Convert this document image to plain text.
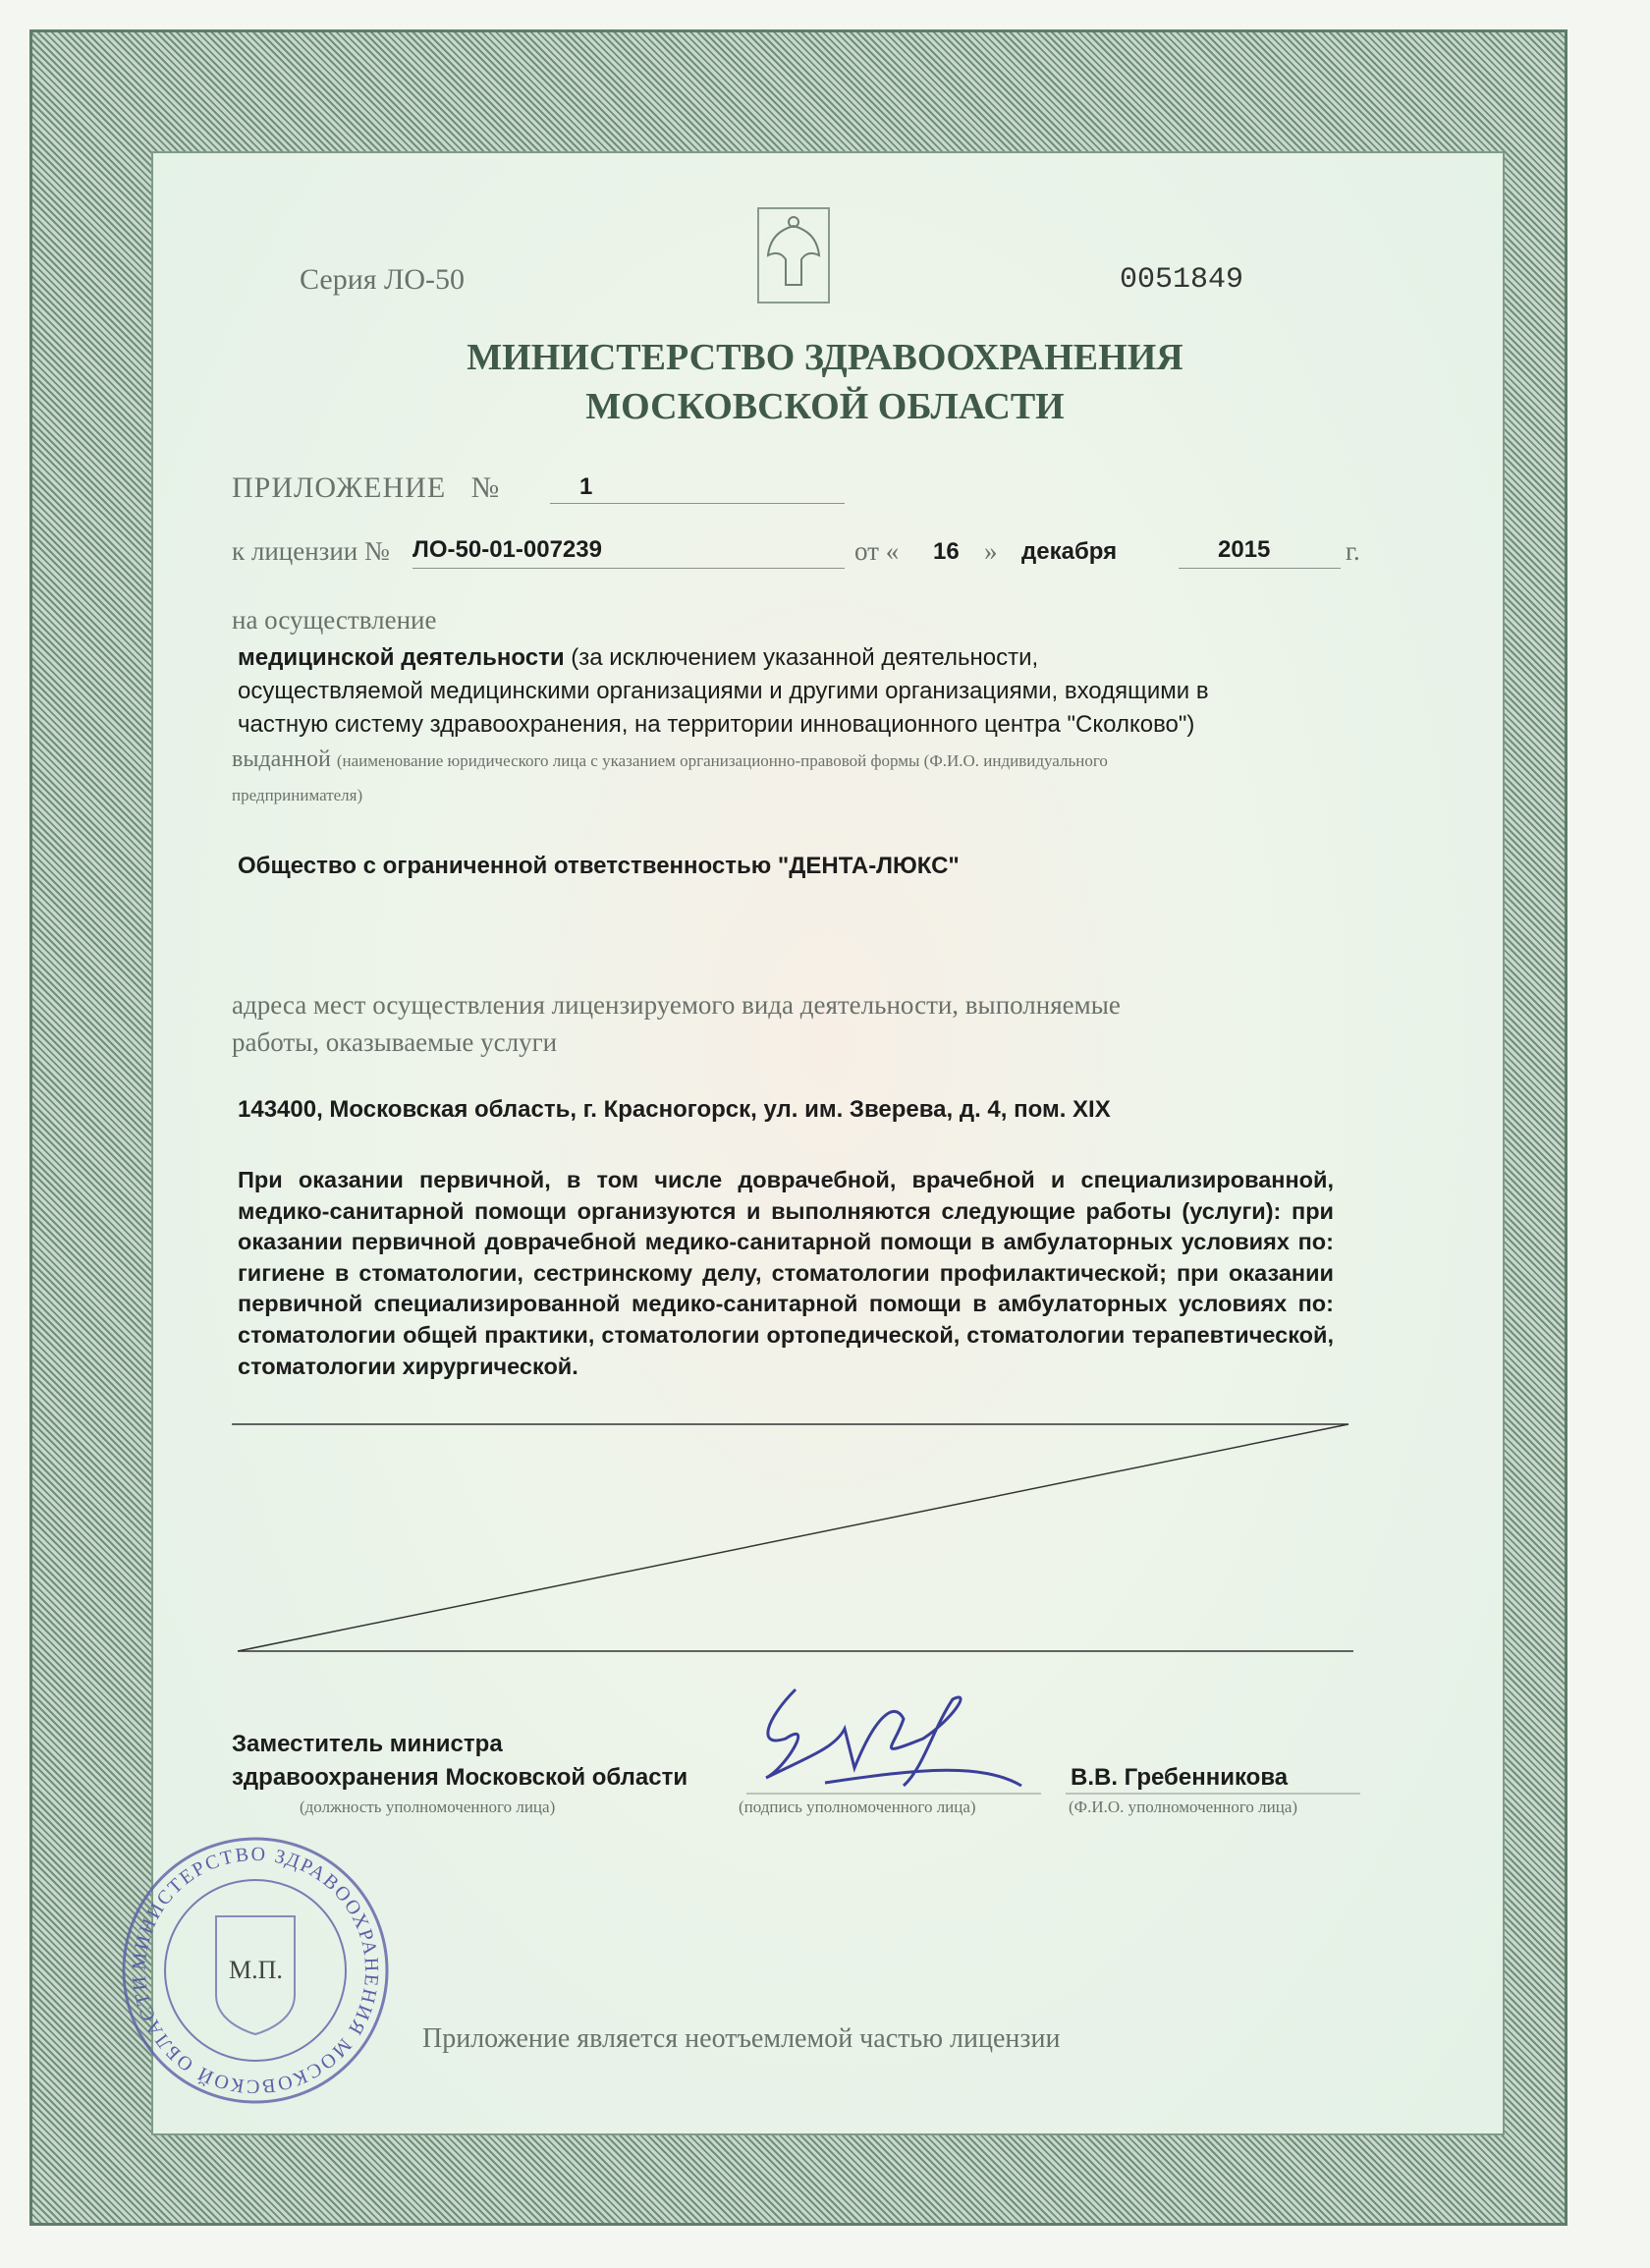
Серия ЛО-50	0051849
МИНИСТЕРСТВО ЗДРАВООХРАНЕНИЯ
МОСКОВСКОЙ ОБЛАСТИ
ПРИЛОЖЕНИЕ №	1
к лицензии № ЛО-50-01-007239	от « 16 » декабря	2015	г.
на осуществление
медицинской деятельности (за исключением указанной деятельности,
осуществляемой медицинскими организациями и другими организациями, входящими в
частную систему здравоохранения, на территории инновационного центра "Сколково")
выданной (наименование юридического лица с указанием организационно-правовой формы (Ф.И.О. индивидуального
предпринимателя)
Общество с ограниченной ответственностью "ДЕНТА-ЛЮКС"
адреса мест осуществления лицензируемого вида деятельности, выполняемые
работы, оказываемые услуги
143400, Московская область, г. Красногорск, ул. им. Зверева, д. 4, пом. XIX
При оказании первичной, в том числе доврачебной, врачебной и специализированной, медико-санитарной помощи организуются и выполняются следующие работы (услуги): при оказании первичной доврачебной медико-санитарной помощи в амбулаторных условиях по: гигиене в стоматологии, сестринскому делу, стоматологии профилактической; при оказании первичной специализированной медико-санитарной помощи в амбулаторных условиях по: стоматологии общей практики, стоматологии ортопедической, стоматологии терапевтической, стоматологии хирургической.
Заместитель министра
здравоохранения Московской области	В.В. Гребенникова
(должность уполномоченного лица)	(подпись уполномоченного лица)	(Ф.И.О. уполномоченного лица)
МИНИСТЕРСТВО ЗДРАВООХРАНЕНИЯ МОСКОВСКОЙ ОБЛАСТИ	М.П.
Приложение является неотъемлемой частью лицензии
